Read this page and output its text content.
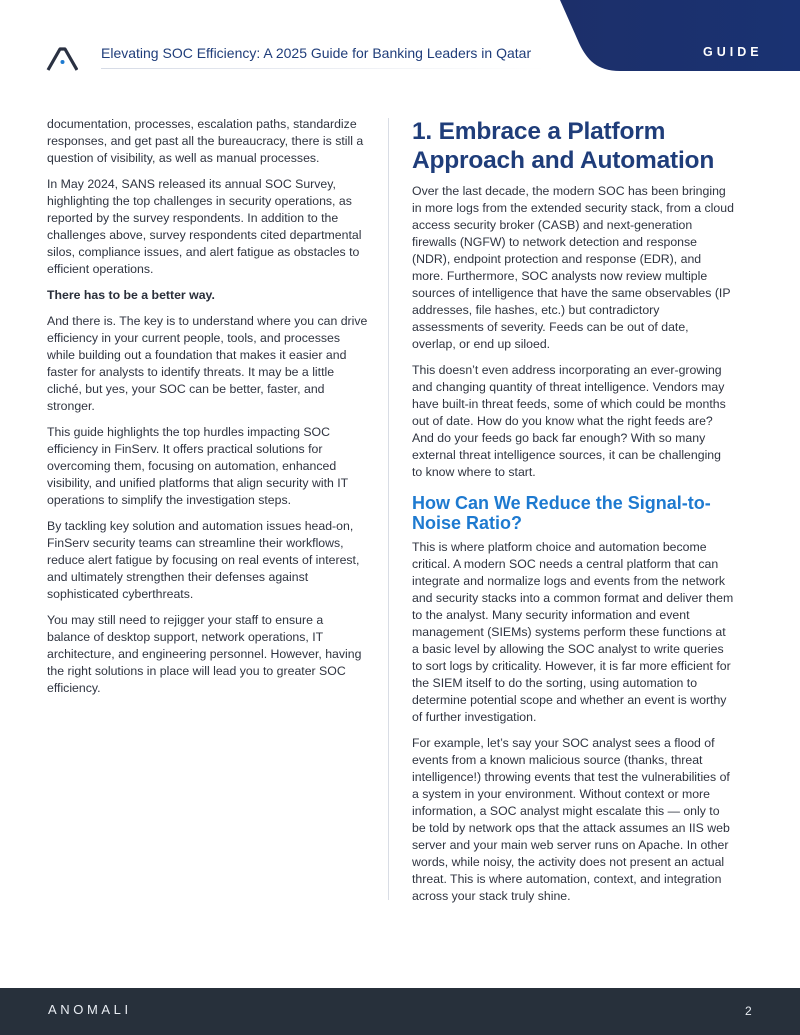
Elevating SOC Efficiency: A 2025 Guide for Banking Leaders in Qatar	GUIDE

documentation, processes, escalation paths, standardize responses, and get past all the bureaucracy, there is still a question of visibility, as well as manual processes.

In May 2024, SANS released its annual SOC Survey, highlighting the top challenges in security operations, as reported by the survey respondents. In addition to the challenges above, survey respondents cited departmental silos, compliance issues, and alert fatigue as obstacles to efficient operations.

There has to be a better way.

And there is. The key is to understand where you can drive efficiency in your current people, tools, and processes while building out a foundation that makes it easier and faster for analysts to identify threats. It may be a little cliché, but yes, your SOC can be better, faster, and stronger.

This guide highlights the top hurdles impacting SOC efficiency in FinServ. It offers practical solutions for overcoming them, focusing on automation, enhanced visibility, and unified platforms that align security with IT operations to simplify the investigation steps.

By tackling key solution and automation issues head-on, FinServ security teams can streamline their workflows, reduce alert fatigue by focusing on real events of interest, and ultimately strengthen their defenses against sophisticated cyberthreats.

You may still need to rejigger your staff to ensure a balance of desktop support, network operations, IT architecture, and engineering personnel. However, having the right solutions in place will lead you to greater SOC efficiency.

1. Embrace a Platform Approach and Automation

Over the last decade, the modern SOC has been bringing in more logs from the extended security stack, from a cloud access security broker (CASB) and next-generation firewalls (NGFW) to network detection and response (NDR), endpoint protection and response (EDR), and more. Furthermore, SOC analysts now review multiple sources of intelligence that have the same observables (IP addresses, file hashes, etc.) but contradictory assessments of severity. Feeds can be out of date, overlap, or end up siloed.

This doesn’t even address incorporating an ever-growing and changing quantity of threat intelligence. Vendors may have built-in threat feeds, some of which could be months out of date. How do you know what the right feeds are? And do your feeds go back far enough? With so many external threat intelligence sources, it can be challenging to know where to start.

How Can We Reduce the Signal-to-Noise Ratio?

This is where platform choice and automation become critical. A modern SOC needs a central platform that can integrate and normalize logs and events from the network and security stacks into a common format and deliver them to the analyst. Many security information and event management (SIEMs) systems perform these functions at a basic level by allowing the SOC analyst to write queries to sort logs by criticality. However, it is far more efficient for the SIEM itself to do the sorting, using automation to determine potential scope and whether an event is worthy of further investigation.

For example, let’s say your SOC analyst sees a flood of events from a known malicious source (thanks, threat intelligence!) throwing events that test the vulnerabilities of a system in your environment. Without context or more information, a SOC analyst might escalate this — only to be told by network ops that the attack assumes an IIS web server and your main web server runs on Apache. In other words, while noisy, the activity does not present an actual threat. This is where automation, context, and integration across your stack truly shine.

ANOMALI	2
